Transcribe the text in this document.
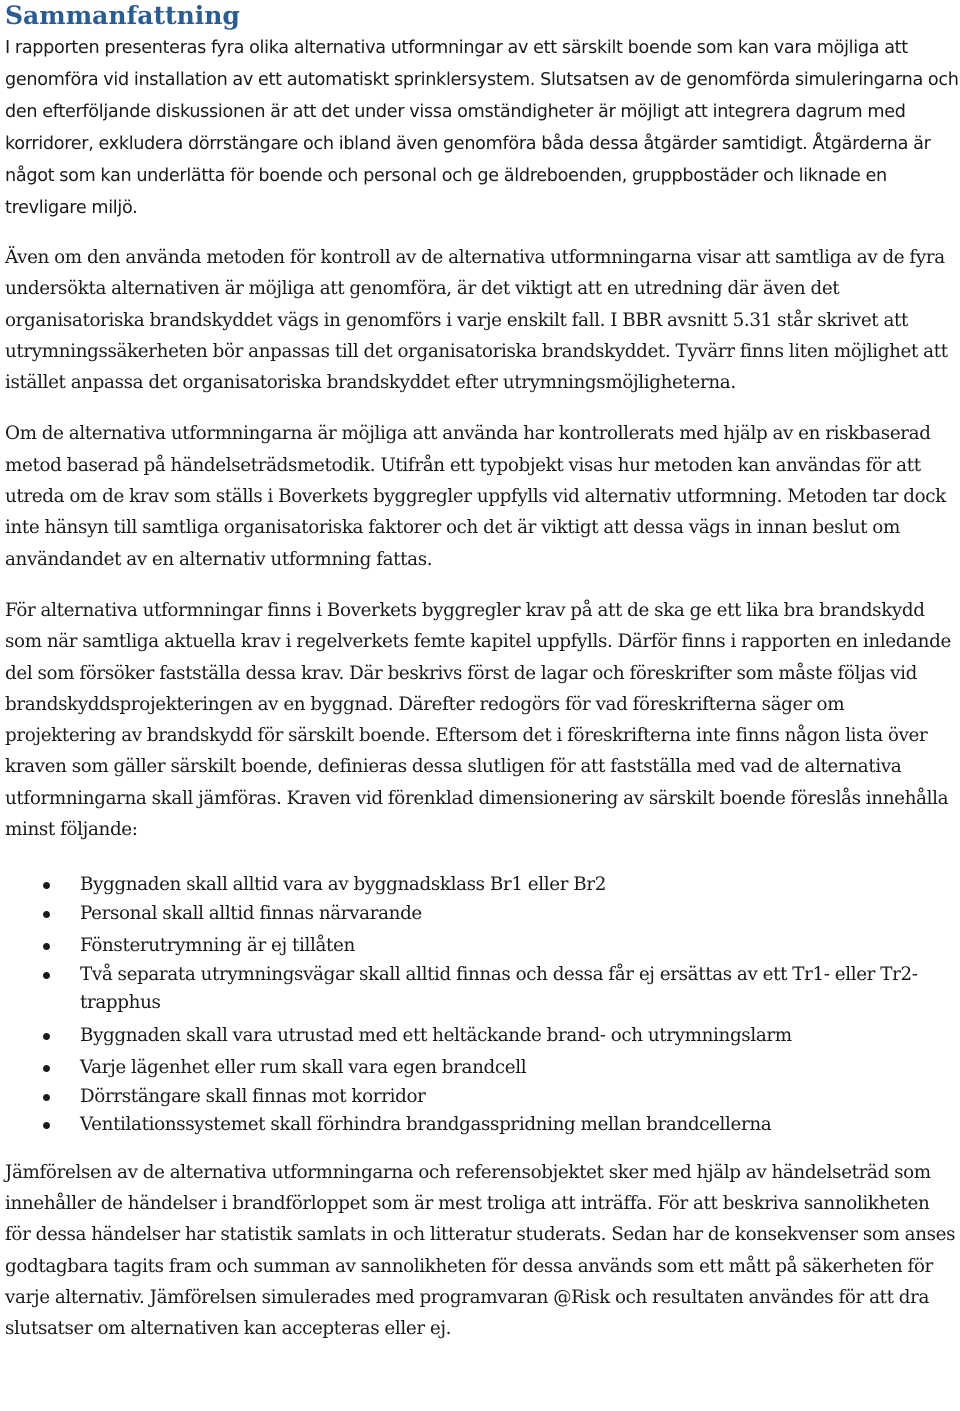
Sammanfattning

I rapporten presenteras fyra olika alternativa utformningar av ett särskilt boende som kan vara möjliga att genomföra vid installation av ett automatiskt sprinklersystem. Slutsatsen av de genomförda simuleringarna och den efterföljande diskussionen är att det under vissa omständigheter är möjligt att integrera dagrum med korridorer, exkludera dörrstängare och ibland även genomföra båda dessa åtgärder samtidigt. Åtgärderna är något som kan underlätta för boende och personal och ge äldreboenden, gruppbostäder och liknade en trevligare miljö.

Även om den använda metoden för kontroll av de alternativa utformningarna visar att samtliga av de fyra undersökta alternativen är möjliga att genomföra, är det viktigt att en utredning där även det organisatoriska brandskyddet vägs in genomförs i varje enskilt fall. I BBR avsnitt 5.31 står skrivet att utrymningssäkerheten bör anpassas till det organisatoriska brandskyddet. Tyvärr finns liten möjlighet att istället anpassa det organisatoriska brandskyddet efter utrymningsmöjligheterna.

Om de alternativa utformningarna är möjliga att använda har kontrollerats med hjälp av en riskbaserad metod baserad på händelseträdsmetodik. Utifrån ett typobjekt visas hur metoden kan användas för att utreda om de krav som ställs i Boverkets byggregler uppfylls vid alternativ utformning. Metoden tar dock inte hänsyn till samtliga organisatoriska faktorer och det är viktigt att dessa vägs in innan beslut om användandet av en alternativ utformning fattas.

För alternativa utformningar finns i Boverkets byggregler krav på att de ska ge ett lika bra brandskydd som när samtliga aktuella krav i regelverkets femte kapitel uppfylls. Därför finns i rapporten en inledande del som försöker fastställa dessa krav. Där beskrivs först de lagar och föreskrifter som måste följas vid brandskyddsprojekteringen av en byggnad. Därefter redogörs för vad föreskrifterna säger om projektering av brandskydd för särskilt boende. Eftersom det i föreskrifterna inte finns någon lista över kraven som gäller särskilt boende, definieras dessa slutligen för att fastställa med vad de alternativa utformningarna skall jämföras. Kraven vid förenklad dimensionering av särskilt boende föreslås innehålla minst följande:

Byggnaden skall alltid vara av byggnadsklass Br1 eller Br2
Personal skall alltid finnas närvarande
Fönsterutrymning är ej tillåten
Två separata utrymningsvägar skall alltid finnas och dessa får ej ersättas av ett Tr1- eller Tr2-trapphus
Byggnaden skall vara utrustad med ett heltäckande brand- och utrymningslarm
Varje lägenhet eller rum skall vara egen brandcell
Dörrstängare skall finnas mot korridor
Ventilationssystemet skall förhindra brandgasspridning mellan brandcellerna

Jämförelsen av de alternativa utformningarna och referensobjektet sker med hjälp av händelseträd som innehåller de händelser i brandförloppet som är mest troliga att inträffa. För att beskriva sannolikheten för dessa händelser har statistik samlats in och litteratur studerats. Sedan har de konsekvenser som anses godtagbara tagits fram och summan av sannolikheten för dessa används som ett mått på säkerheten för varje alternativ. Jämförelsen simulerades med programvaran @Risk och resultaten användes för att dra slutsatser om alternativen kan accepteras eller ej.
